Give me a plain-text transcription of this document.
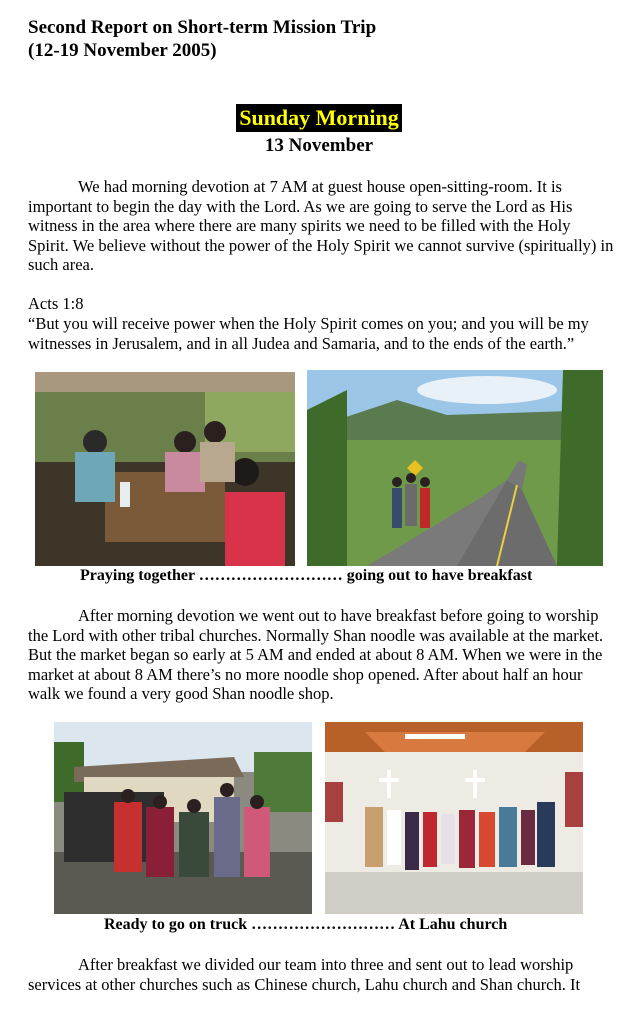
Second Report on Short-term Mission Trip
(12-19 November 2005)
Sunday Morning
13 November

We had morning devotion at 7 AM at guest house open-sitting-room. It is important to begin the day with the Lord. As we are going to serve the Lord as His witness in the area where there are many spirits we need to be filled with the Holy Spirit. We believe without the power of the Holy Spirit we cannot survive (spiritually) in such area.

Acts 1:8

“But you will receive power when the Holy Spirit comes on you; and you will be my witnesses in Jerusalem, and in all Judea and Samaria, and to the ends of the earth.”

Praying together ……………………… going out to have breakfast

After morning devotion we went out to have breakfast before going to worship the Lord with other tribal churches. Normally Shan noodle was available at the market. But the market began so early at 5 AM and ended at about 8 AM. When we were in the market at about 8 AM there’s no more noodle shop opened. After about half an hour walk we found a very good Shan noodle shop.

Ready to go on truck ……………………… At Lahu church

After breakfast we divided our team into three and sent out to lead worship services at other churches such as Chinese church, Lahu church and Shan church. It
